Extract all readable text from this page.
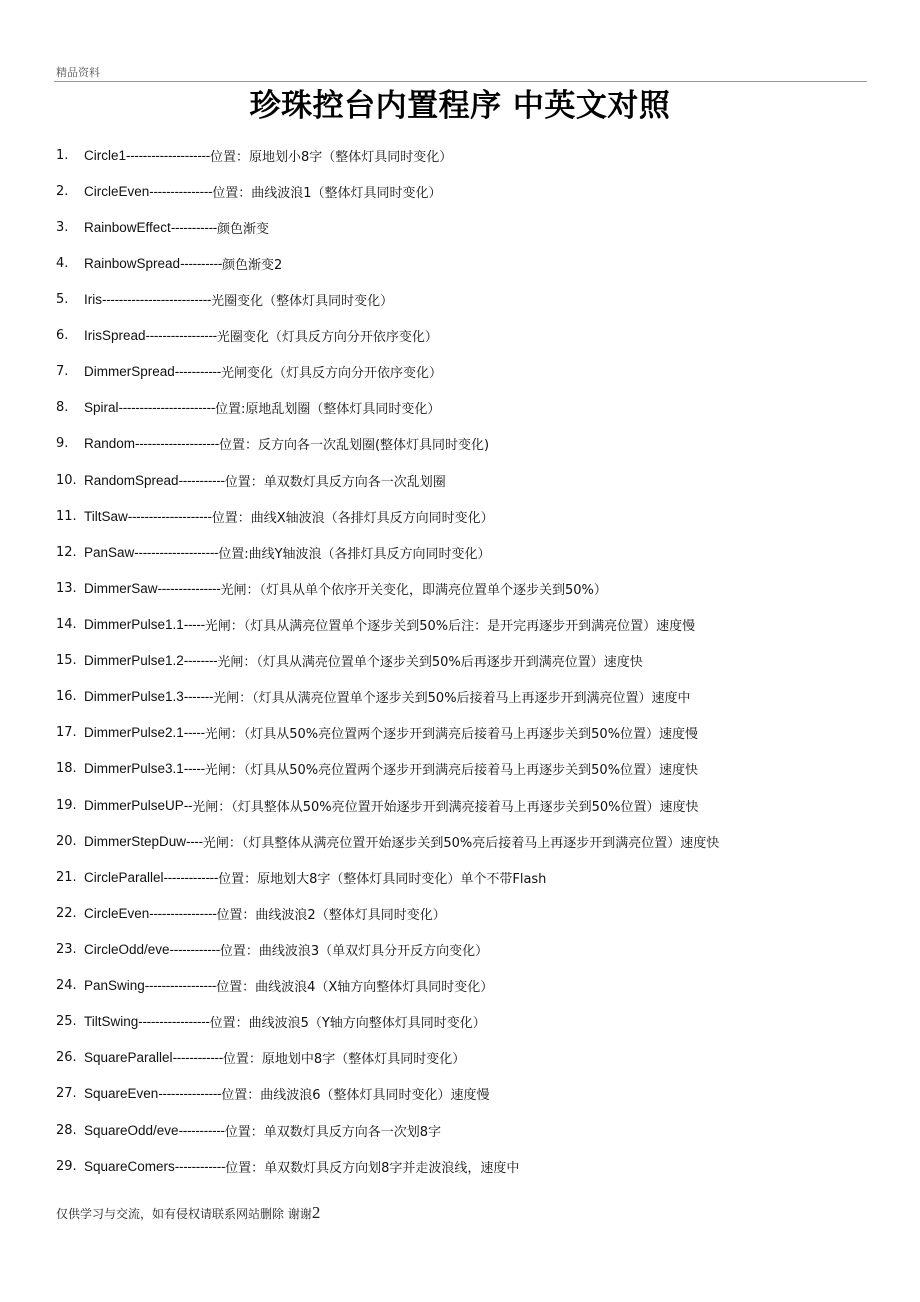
精品资料
珍珠控台内置程序 中英文对照
1.	Circle1 -------------------- 位置：原地划小8字（整体灯具同时变化）
2.	CircleEven --------------- 位置：曲线波浪1（整体灯具同时变化）
3.	RainbowEffect ----------- 颜色渐变
4.	RainbowSpread ---------- 颜色渐变2
5.	Iris -------------------------- 光圈变化（整体灯具同时变化）
6.	IrisSpread ----------------- 光圈变化（灯具反方向分开依序变化）
7.	DimmerSpread ----------- 光闸变化（灯具反方向分开依序变化）
8.	Spiral ----------------------- 位置:原地乱划圈（整体灯具同时变化）
9.	Random -------------------- 位置：反方向各一次乱划圈(整体灯具同时变化)
10. RandomSpread ----------- 位置：单双数灯具反方向各一次乱划圈
11. TiltSaw -------------------- 位置：曲线X轴波浪（各排灯具反方向同时变化）
12. PanSaw -------------------- 位置:曲线Y轴波浪（各排灯具反方向同时变化）
13. DimmerSaw --------------- 光闸：（灯具从单个依序开关变化，即满亮位置单个逐步关到50%）
14. DimmerPulse1.1 ----- 光闸：（灯具从满亮位置单个逐步关到50%后注：是开完再逐步开到满亮位置）速度慢
15. DimmerPulse1.2 -------- 光闸：（灯具从满亮位置单个逐步关到50%后再逐步开到满亮位置）速度快
16. DimmerPulse1.3 ------- 光闸：（灯具从满亮位置单个逐步关到50%后接着马上再逐步开到满亮位置）速度中
17. DimmerPulse2.1 ----- 光闸：（灯具从50%亮位置两个逐步开到满亮后接着马上再逐步关到50%位置）速度慢
18. DimmerPulse3.1 ----- 光闸：（灯具从50%亮位置两个逐步开到满亮后接着马上再逐步关到50%位置）速度快
19. DimmerPulseUP -- 光闸：（灯具整体从50%亮位置开始逐步开到满亮接着马上再逐步关到50%位置）速度快
20. DimmerStepDuw ---- 光闸：（灯具整体从满亮位置开始逐步关到50%亮后接着马上再逐步开到满亮位置）速度快
21. CircleParallel ------------- 位置：原地划大8字（整体灯具同时变化）单个不带Flash
22. CircleEven ---------------- 位置：曲线波浪2（整体灯具同时变化）
23. CircleOdd/eve ------------ 位置：曲线波浪3（单双灯具分开反方向变化）
24. PanSwing ----------------- 位置：曲线波浪4（X轴方向整体灯具同时变化）
25. TiltSwing ----------------- 位置：曲线波浪5（Y轴方向整体灯具同时变化）
26. SquareParallel ------------ 位置：原地划中8字（整体灯具同时变化）
27. SquareEven --------------- 位置：曲线波浪6（整体灯具同时变化）速度慢
28. SquareOdd/eve ----------- 位置：单双数灯具反方向各一次划8字
29. SquareComers ------------ 位置：单双数灯具反方向划8字并走波浪线，速度中
仅供学习与交流，如有侵权请联系网站删除 谢谢2
